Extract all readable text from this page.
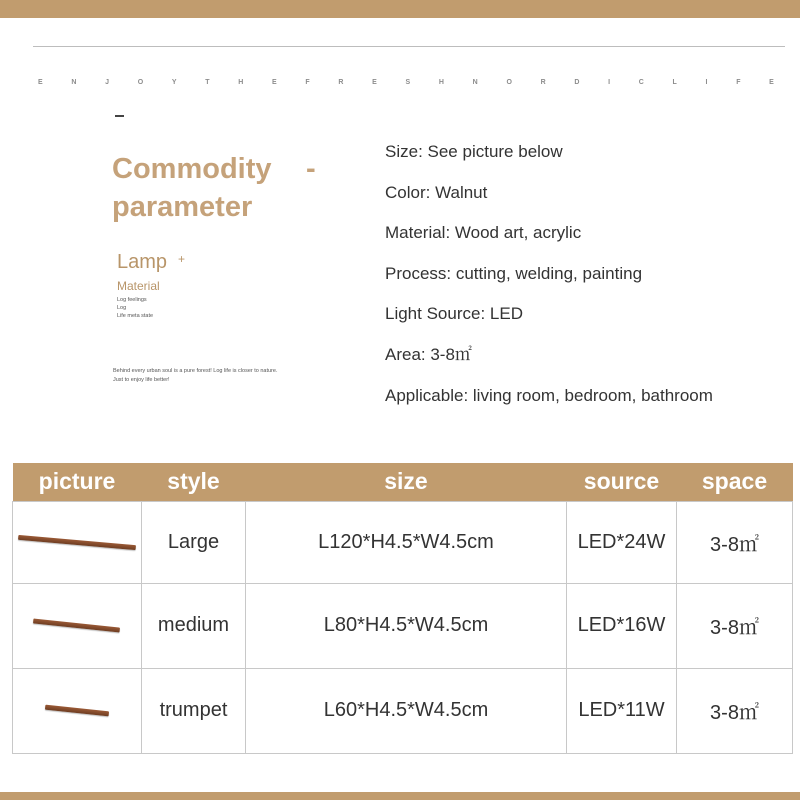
E	N	J	O	Y	T	H	E	F	R	E	S	H	N	O	R	D	I	C	L	I	F	E
Commodity
parameter
-
Lamp +
Material
Log feelings
Log
Life meta state
Behind every urban soul is a pure forest! Log life is closer to nature.
Just to enjoy life better!
Size: See picture below
Color: Walnut
Material: Wood art, acrylic
Process: cutting, welding, painting
Light Source: LED
Area: 3-8㎡
Applicable: living room, bedroom, bathroom
picture	style	size	source	space

	Large	L120*H4.5*W4.5cm	LED*24W	3-8㎡

	medium	L80*H4.5*W4.5cm	LED*16W	3-8㎡

	trumpet	L60*H4.5*W4.5cm	LED*11W	3-8㎡
